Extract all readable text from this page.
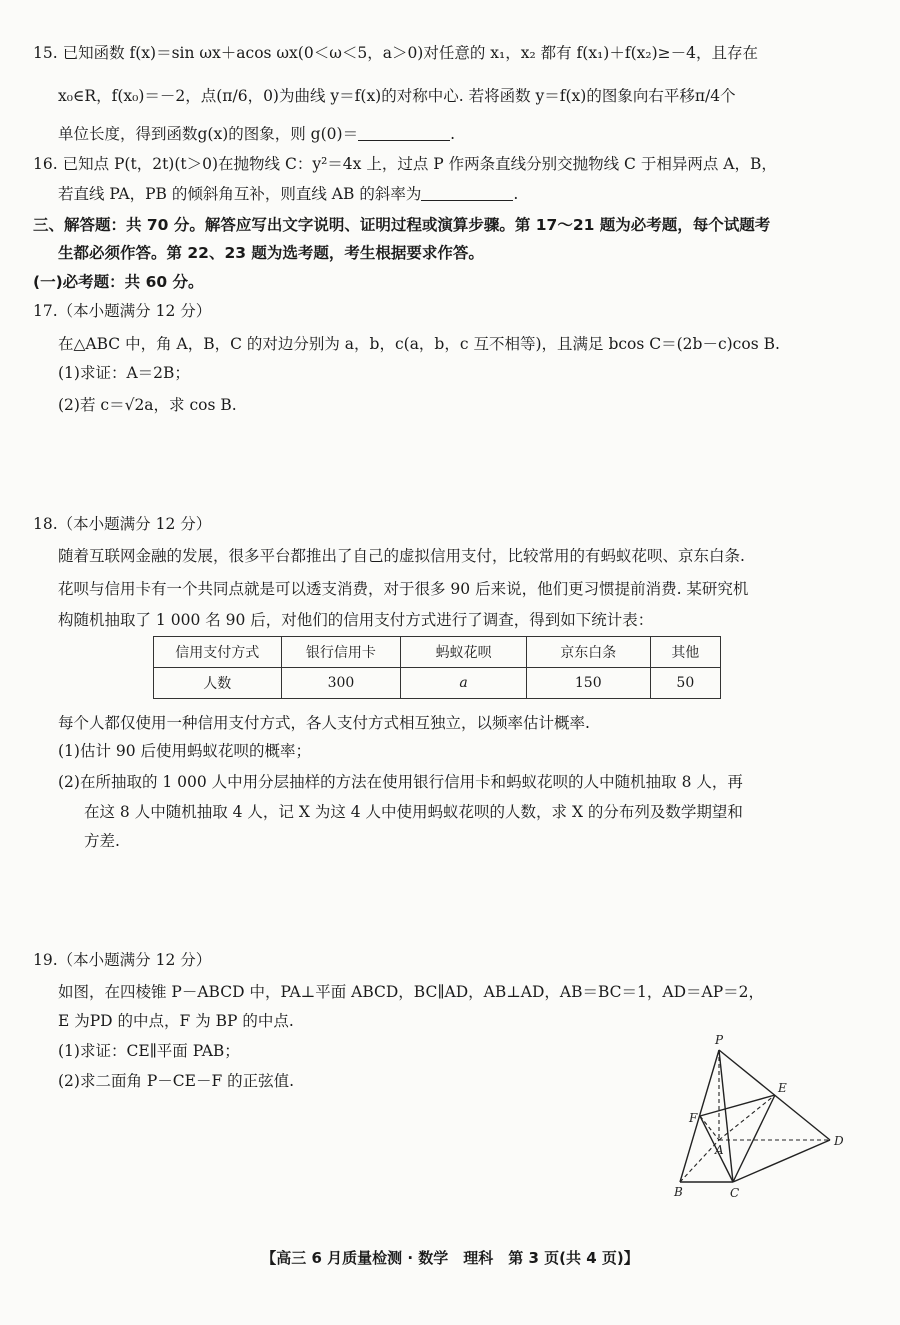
15. 已知函数 f(x)＝sin ωx＋acos ωx(0＜ω＜5，a＞0)对任意的 x₁，x₂ 都有 f(x₁)＋f(x₂)≥－4，且存在
x₀∈R，f(x₀)＝－2，点(π/6，0)为曲线 y＝f(x)的对称中心. 若将函数 y＝f(x)的图象向右平移π/4个
单位长度，得到函数g(x)的图象，则 g(0)＝	.
16. 已知点 P(t，2t)(t＞0)在抛物线 C：y²＝4x 上，过点 P 作两条直线分别交抛物线 C 于相异两点 A，B，
若直线 PA，PB 的倾斜角互补，则直线 AB 的斜率为	.
三、解答题：共 70 分。解答应写出文字说明、证明过程或演算步骤。第 17～21 题为必考题，每个试题考
生都必须作答。第 22、23 题为选考题，考生根据要求作答。
(一)必考题：共 60 分。
17.（本小题满分 12 分）
在△ABC 中，角 A，B，C 的对边分别为 a，b，c(a，b，c 互不相等)，且满足 bcos C＝(2b－c)cos B.
(1)求证：A＝2B；
(2)若 c＝√2a，求 cos B.
18.（本小题满分 12 分）
随着互联网金融的发展，很多平台都推出了自己的虚拟信用支付，比较常用的有蚂蚁花呗、京东白条.
花呗与信用卡有一个共同点就是可以透支消费，对于很多 90 后来说，他们更习惯提前消费. 某研究机
构随机抽取了 1 000 名 90 后，对他们的信用支付方式进行了调查，得到如下统计表：
信用支付方式	银行信用卡	蚂蚁花呗	京东白条	其他
人数	300	a	150	50
每个人都仅使用一种信用支付方式，各人支付方式相互独立，以频率估计概率.
(1)估计 90 后使用蚂蚁花呗的概率；
(2)在所抽取的 1 000 人中用分层抽样的方法在使用银行信用卡和蚂蚁花呗的人中随机抽取 8 人，再
在这 8 人中随机抽取 4 人，记 X 为这 4 人中使用蚂蚁花呗的人数，求 X 的分布列及数学期望和
方差.
19.（本小题满分 12 分）
如图，在四棱锥 P－ABCD 中，PA⊥平面 ABCD，BC∥AD，AB⊥AD，AB＝BC＝1，AD＝AP＝2，
E 为PD 的中点，F 为 BP 的中点.
(1)求证：CE∥平面 PAB；
(2)求二面角 P－CE－F 的正弦值.
P
E
F
A
D
B	C
【高三 6 月质量检测 · 数学　理科　第 3 页(共 4 页)】
